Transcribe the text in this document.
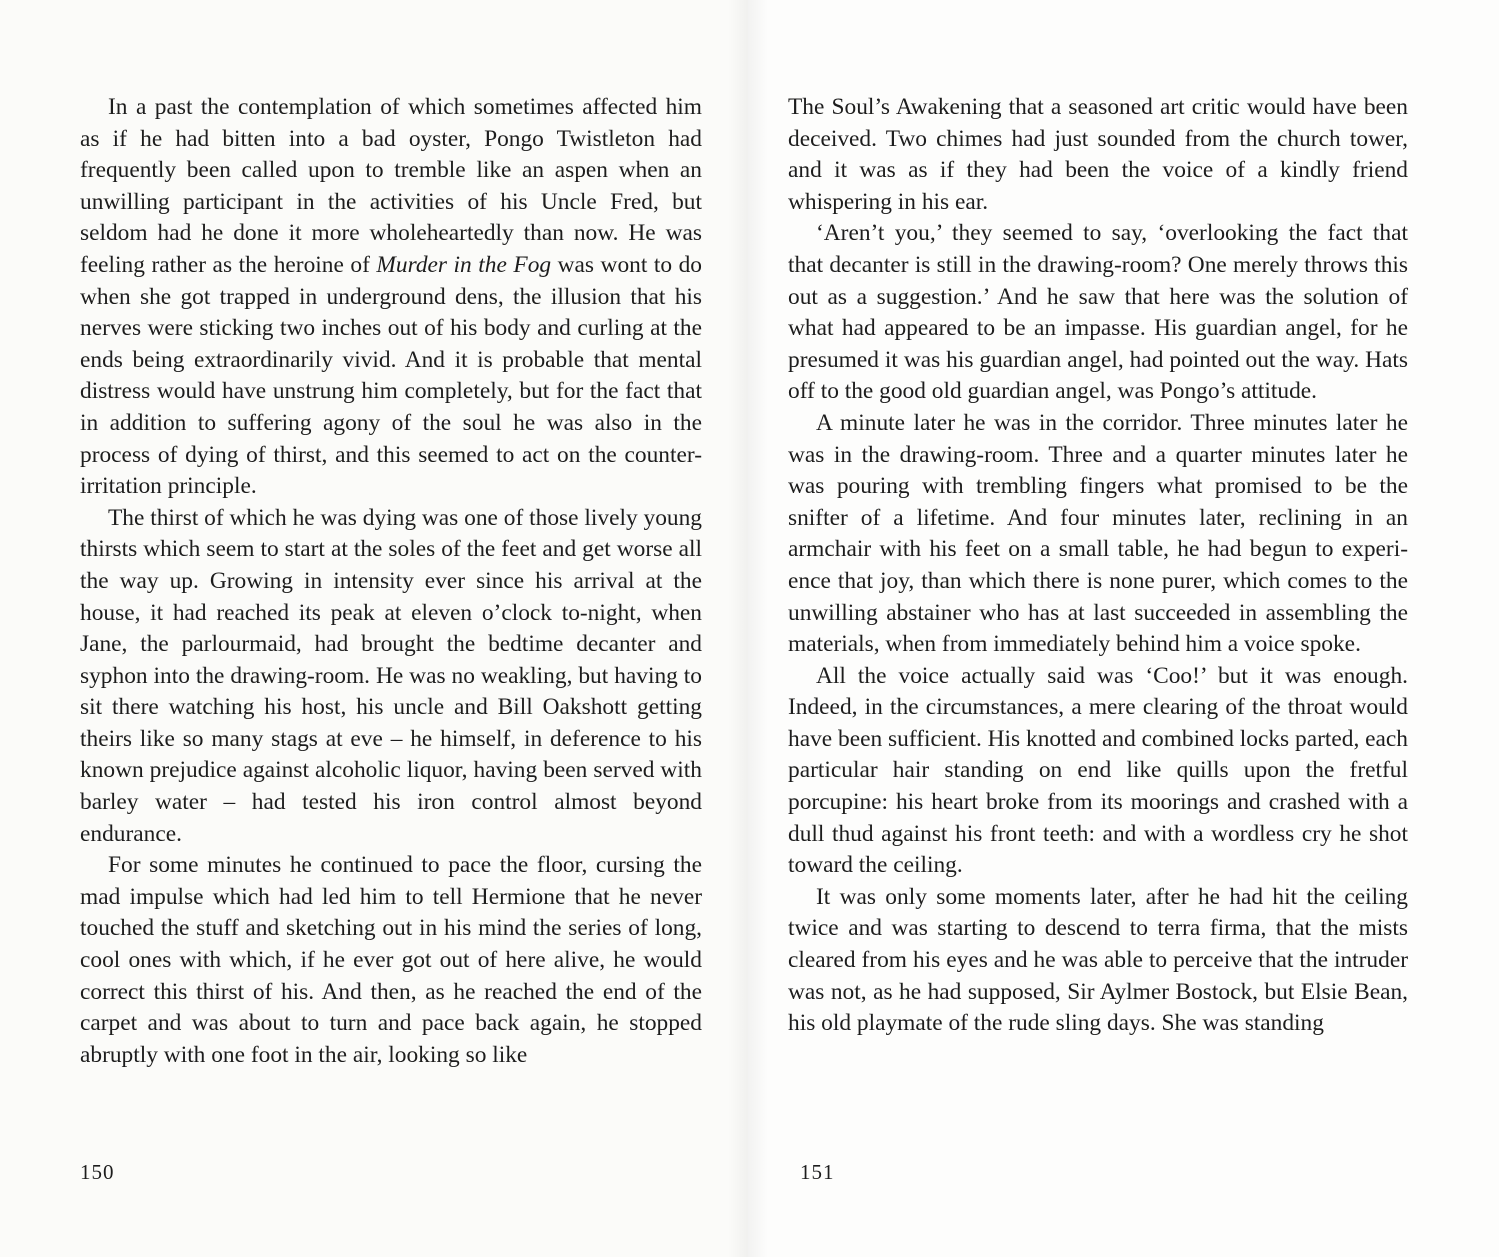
In a past the contemplation of which sometimes affected him as if he had bitten into a bad oyster, Pongo Twistleton had frequently been called upon to tremble like an aspen when an unwilling participant in the activities of his Uncle Fred, but seldom had he done it more wholeheartedly than now. He was feeling rather as the heroine of Murder in the Fog was wont to do when she got trapped in underground dens, the illusion that his nerves were sticking two inches out of his body and curling at the ends being extraordinarily vivid. And it is probable that mental distress would have unstrung him completely, but for the fact that in addition to suffering agony of the soul he was also in the process of dying of thirst, and this seemed to act on the counter-irritation principle.

The thirst of which he was dying was one of those lively young thirsts which seem to start at the soles of the feet and get worse all the way up. Growing in intensity ever since his arrival at the house, it had reached its peak at eleven o’clock to-night, when Jane, the parlourmaid, had brought the bedtime decanter and syphon into the drawing-room. He was no weakling, but having to sit there watching his host, his uncle and Bill Oakshott getting theirs like so many stags at eve – he himself, in deference to his known prejudice against alcoholic liquor, having been served with barley water – had tested his iron control almost beyond endurance.

For some minutes he continued to pace the floor, cursing the mad impulse which had led him to tell Hermione that he never touched the stuff and sketching out in his mind the series of long, cool ones with which, if he ever got out of here alive, he would correct this thirst of his. And then, as he reached the end of the carpet and was about to turn and pace back again, he stopped abruptly with one foot in the air, looking so like

150

The Soul’s Awakening that a seasoned art critic would have been deceived. Two chimes had just sounded from the church tower, and it was as if they had been the voice of a kindly friend whispering in his ear.

‘Aren’t you,’ they seemed to say, ‘overlooking the fact that that decanter is still in the drawing-room? One merely throws this out as a suggestion.’ And he saw that here was the solution of what had appeared to be an impasse. His guardian angel, for he presumed it was his guardian angel, had pointed out the way. Hats off to the good old guardian angel, was Pongo’s attitude.

A minute later he was in the corridor. Three minutes later he was in the drawing-room. Three and a quarter minutes later he was pouring with trembling fingers what promised to be the snifter of a lifetime. And four minutes later, reclining in an armchair with his feet on a small table, he had begun to experience that joy, than which there is none purer, which comes to the unwilling abstainer who has at last succeeded in assembling the materials, when from immediately behind him a voice spoke.

All the voice actually said was ‘Coo!’ but it was enough. Indeed, in the circumstances, a mere clearing of the throat would have been sufficient. His knotted and combined locks parted, each particular hair standing on end like quills upon the fretful porcupine: his heart broke from its moorings and crashed with a dull thud against his front teeth: and with a wordless cry he shot toward the ceiling.

It was only some moments later, after he had hit the ceiling twice and was starting to descend to terra firma, that the mists cleared from his eyes and he was able to perceive that the intruder was not, as he had supposed, Sir Aylmer Bostock, but Elsie Bean, his old playmate of the rude sling days. She was standing

151
